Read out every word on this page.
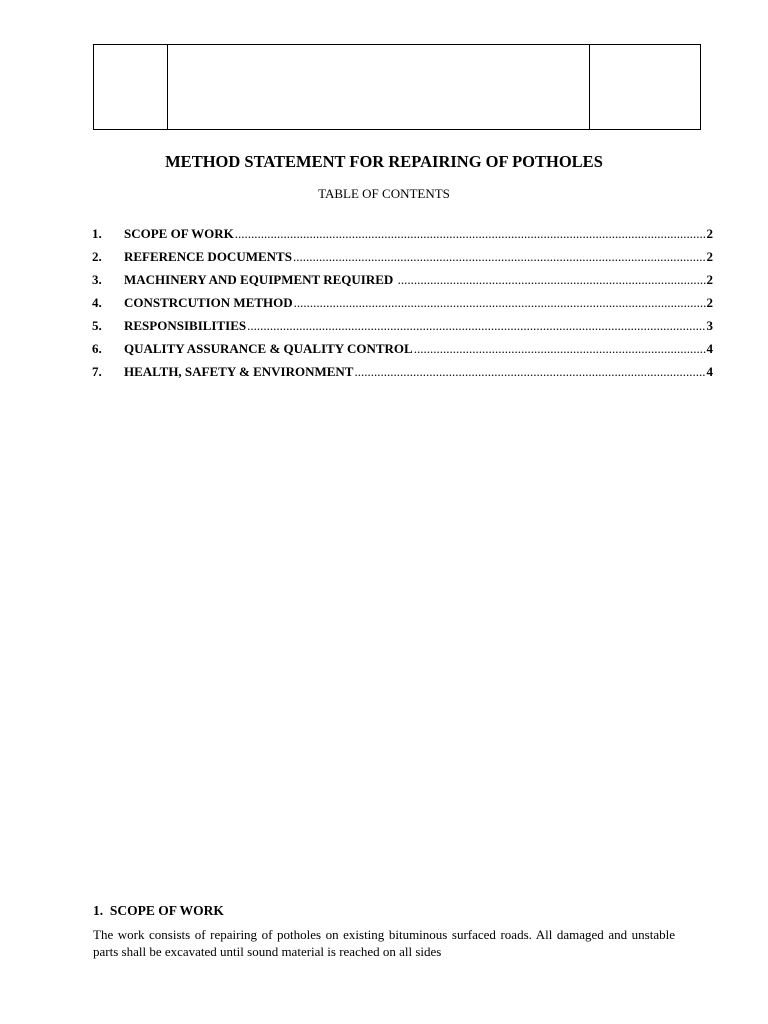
METHOD STATEMENT FOR REPAIRING OF POTHOLES
TABLE OF CONTENTS
1.	SCOPE OF WORK .....	2
2.	REFERENCE DOCUMENTS .....	2
3.	MACHINERY AND EQUIPMENT REQUIRED .....	2
4.	CONSTRCUTION METHOD .....	2
5.	RESPONSIBILITIES .....	3
6.	QUALITY ASSURANCE & QUALITY CONTROL .....	4
7.	HEALTH, SAFETY & ENVIRONMENT .....	4
1.  SCOPE OF WORK

The work consists of repairing of potholes on existing bituminous surfaced roads. All damaged and unstable parts shall be excavated until sound material is reached on all sides
